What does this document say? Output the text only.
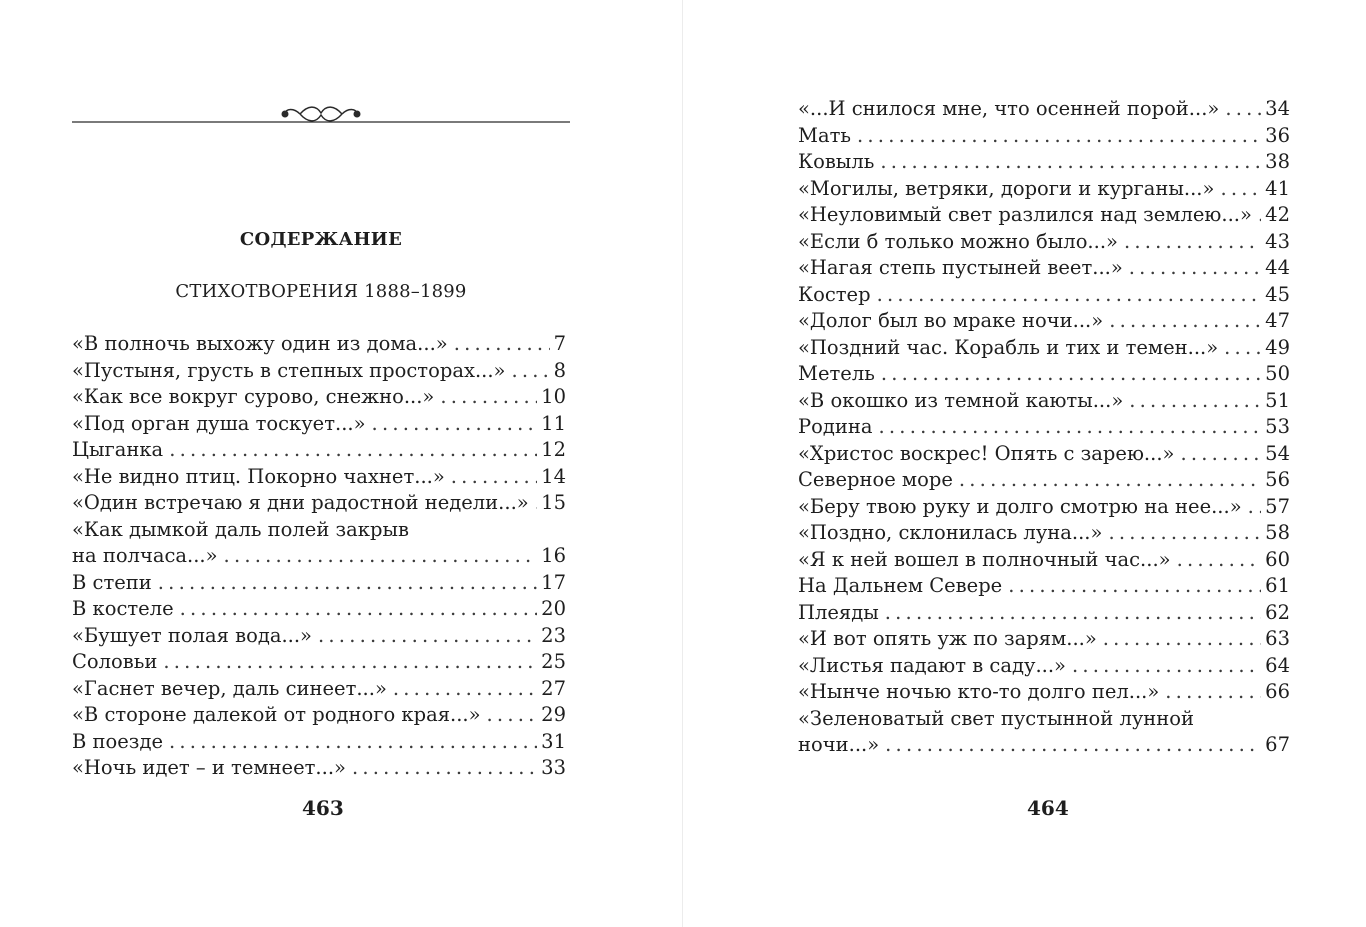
СОДЕРЖАНИЕ
СТИХОТВОРЕНИЯ 1888–1899
«В полночь выхожу один из дома...» . . .	7
«Пустыня, грусть в степных просторах...» . . . 8
«Как все вокруг сурово, снежно...» . . .	10
«Под орган душа тоскует...» . . .	11
Цыганка . . .	12
«Не видно птиц. Покорно чахнет...» . . .	14
«Один встречаю я дни радостной недели...» . . . 15
«Как дымкой даль полей закрыв
на полчаса...» . . .	16
В степи . . .	17
В костеле . . .	20
«Бушует полая вода...» . . .	23
Соловьи . . .	25
«Гаснет вечер, даль синеет...» . . .	27
«В стороне далекой от родного края...» . . .	29
В поезде . . .	31
«Ночь идет – и темнеет...» . . .	33
463
«...И снилося мне, что осенней порой...» . . . 34
Мать . . .	36
Ковыль . . .	38
«Могилы, ветряки, дороги и курганы...» . . .	41
«Неуловимый свет разлился над землею...» . . . 42
«Если б только можно было...» . . .	43
«Нагая степь пустыней веет...» . . .	44
Костер . . .	45
«Долог был во мраке ночи...» . . .	47
«Поздний час. Корабль и тих и темен...» . . . 49
Метель . . .	50
«В окошко из темной каюты...» . . .	51
Родина . . .	53
«Христос воскрес! Опять с зарею...» . . .	54
Северное море . . .	56
«Беру твою руку и долго смотрю на нее...» . . . 57
«Поздно, склонилась луна...» . . .	58
«Я к ней вошел в полночный час...» . . .	60
На Дальнем Севере . . .	61
Плеяды . . .	62
«И вот опять уж по зарям...» . . .	63
«Листья падают в саду...» . . .	64
«Нынче ночью кто-то долго пел...» . . .	66
«Зеленоватый свет пустынной лунной
ночи...» . . .	67
464
